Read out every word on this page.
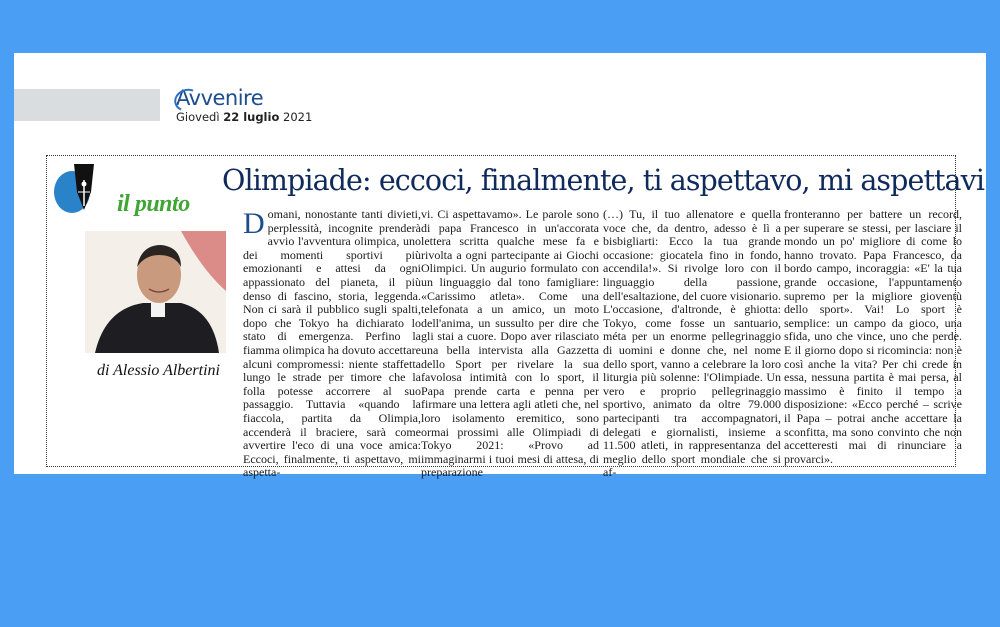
Avvenire
Giovedì 22 luglio 2021
il punto
Olimpiade: eccoci, finalmente, ti aspettavo, mi aspettavi
di Alessio Albertini
Domani, nonostante tanti divieti, perplessità, incognite prenderà avvio l'avventura olimpica, uno dei momenti sportivi più emozionanti e attesi da ogni appassionato del pianeta, il più denso di fascino, storia, leggenda. Non ci sarà il pubblico sugli spalti, dopo che Tokyo ha dichiarato lo stato di emergenza. Perfino la fiamma olimpica ha dovuto accettare alcuni compromessi: niente staffetta lungo le strade per timore che la folla potesse accorrere al suo passaggio. Tuttavia «quando la fiaccola, partita da Olimpia, accenderà il braciere, sarà come avvertire l'eco di una voce amica: Eccoci, finalmente, ti aspettavo, mi aspetta-
vi. Ci aspettavamo». Le parole sono di papa Francesco in un'accorata lettera scritta qualche mese fa e rivolta a ogni partecipante ai Giochi Olimpici. Un augurio formulato con un linguaggio dal tono famigliare: «Carissimo atleta». Come una telefonata a un amico, un moto dell'anima, un sussulto per dire che gli stai a cuore. Dopo aver rilasciato una bella intervista alla Gazzetta dello Sport per rivelare la sua favolosa intimità con lo sport, il Papa prende carta e penna per firmare una lettera agli atleti che, nel loro isolamento eremitico, sono ormai prossimi alle Olimpiadi di Tokyo 2021: «Provo ad immaginarmi i tuoi mesi di attesa, di preparazione
(…) Tu, il tuo allenatore e quella voce che, da dentro, adesso è lì a bisbigliarti: Ecco la tua grande occasione: giocatela fino in fondo, accendila!». Si rivolge loro con il linguaggio della passione, dell'esaltazione, del cuore visionario. L'occasione, d'altronde, è ghiotta: Tokyo, come fosse un santuario, méta per un enorme pellegrinaggio di uomini e donne che, nel nome dello sport, vanno a celebrare la loro liturgia più solenne: l'Olimpiade. Un vero e proprio pellegrinaggio sportivo, animato da oltre 79.000 partecipanti tra accompagnatori, delegati e giornalisti, insieme a 11.500 atleti, in rappresentanza del meglio dello sport mondiale che si af-
fronteranno per battere un record, per superare se stessi, per lasciare il mondo un po' migliore di come lo hanno trovato. Papa Francesco, da bordo campo, incoraggia: «E' la tua grande occasione, l'appuntamento supremo per la migliore gioventù dello sport». Vai! Lo sport è semplice: un campo da gioco, una sfida, uno che vince, uno che perde. E il giorno dopo si ricomincia: non è così anche la vita? Per chi crede in essa, nessuna partita è mai persa, al massimo è finito il tempo a disposizione: «Ecco perché – scrive il Papa – potrai anche accettare la sconfitta, ma sono convinto che non accetteresti mai di rinunciare a provarci».
